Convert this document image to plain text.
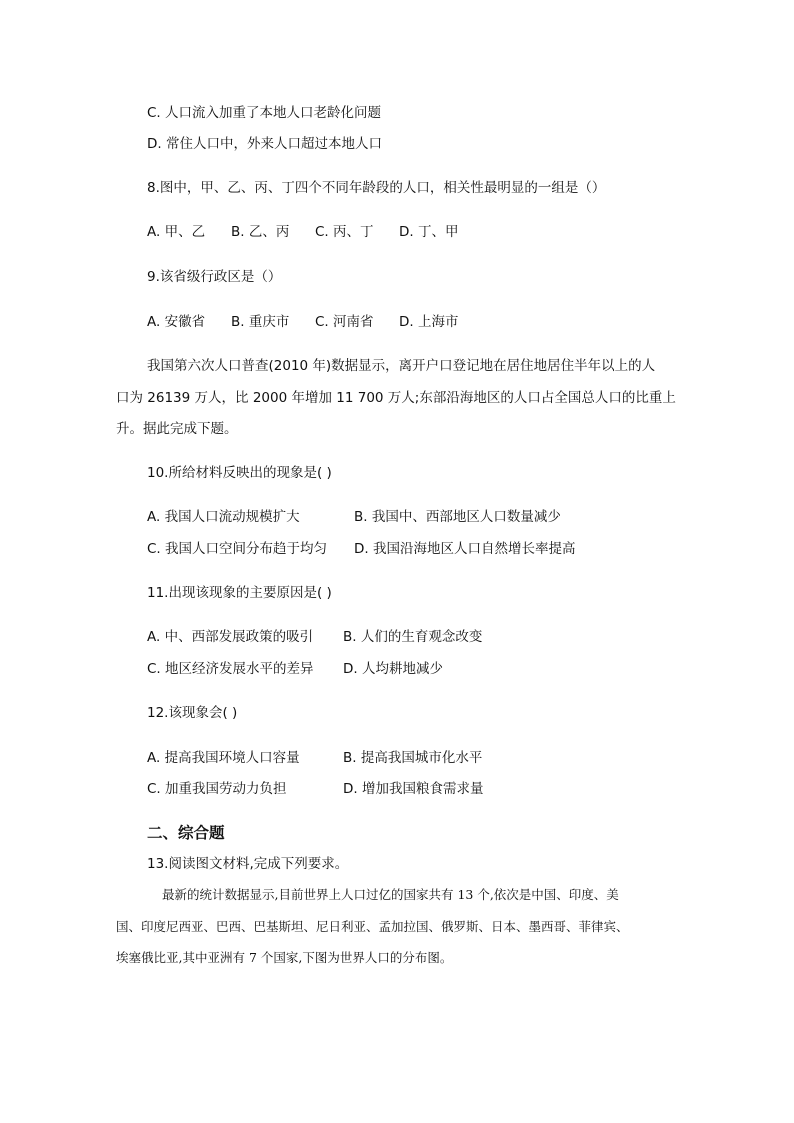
C. 人口流入加重了本地人口老龄化问题
D. 常住人口中，外来人口超过本地人口
8.图中，甲、乙、丙、丁四个不同年龄段的人口，相关性最明显的一组是（）
A. 甲、乙 B. 乙、丙 C. 丙、丁 D. 丁、甲
9.该省级行政区是（）
A. 安徽省 B. 重庆市 C. 河南省 D. 上海市
我国第六次人口普查(2010 年)数据显示，离开户口登记地在居住地居住半年以上的人
口为 26139 万人，比 2000 年增加 11 700 万人;东部沿海地区的人口占全国总人口的比重上
升。据此完成下题。
10.所给材料反映出的现象是( )
A. 我国人口流动规模扩大	B. 我国中、西部地区人口数量减少
C. 我国人口空间分布趋于均匀 D. 我国沿海地区人口自然增长率提高
11.出现该现象的主要原因是( )
A. 中、西部发展政策的吸引 B. 人们的生育观念改变
C. 地区经济发展水平的差异 D. 人均耕地减少
12.该现象会( )
A. 提高我国环境人口容量	B. 提高我国城市化水平
C. 加重我国劳动力负担	D. 增加我国粮食需求量
二、综合题
13.阅读图文材料,完成下列要求。
最新的统计数据显示,目前世界上人口过亿的国家共有 13 个,依次是中国、印度、美
国、印度尼西亚、巴西、巴基斯坦、尼日利亚、孟加拉国、俄罗斯、日本、墨西哥、菲律宾、
埃塞俄比亚,其中亚洲有 7 个国家,下图为世界人口的分布图。
